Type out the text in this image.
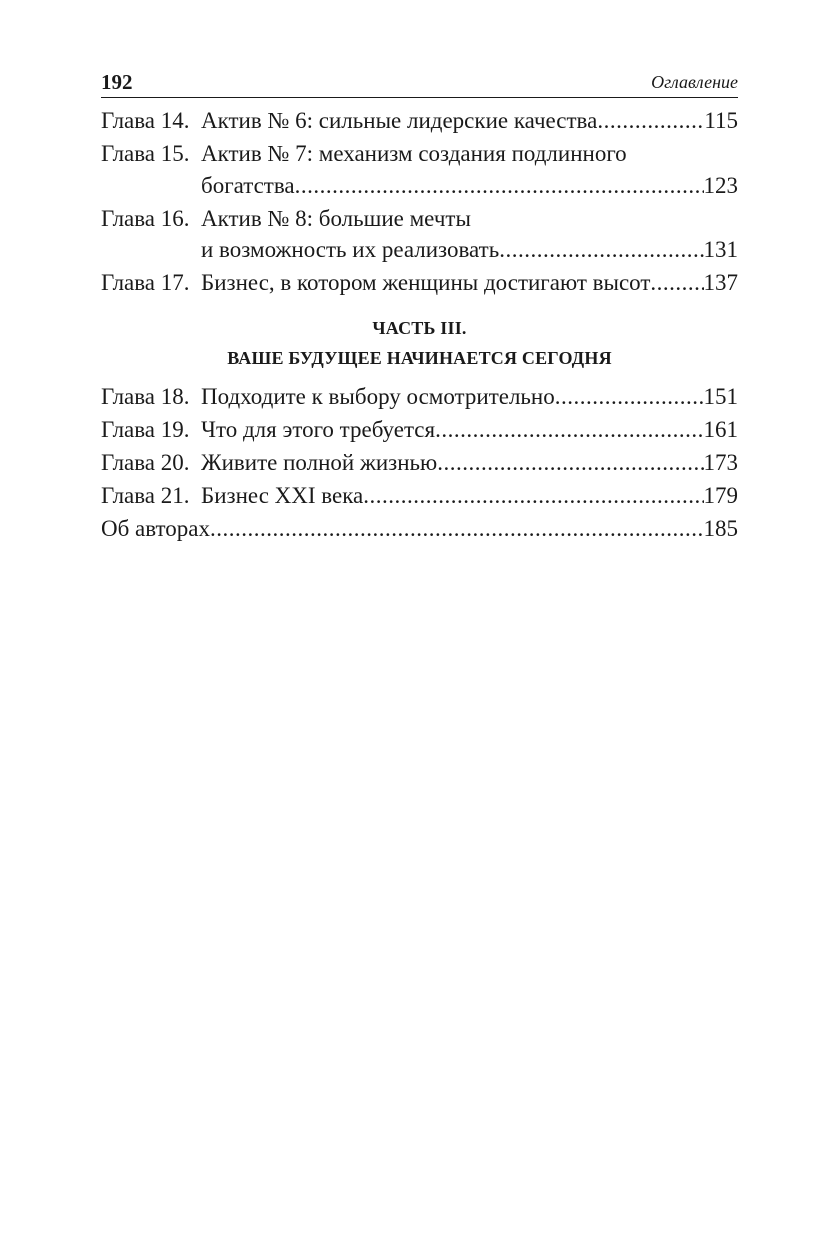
192	Оглавление
Глава 14. Актив № 6: сильные лидерские качества .....	115
Глава 15. Актив № 7: механизм создания подлинного
богатства .....	123
Глава 16. Актив № 8: большие мечты
и возможность их реализовать .....	131
Глава 17. Бизнес, в котором женщины достигают высот ..... 137
ЧАСТЬ III.
ВАШЕ БУДУЩЕЕ НАЧИНАЕТСЯ СЕГОДНЯ
Глава 18. Подходите к выбору осмотрительно .....	151
Глава 19. Что для этого требуется .....	161
Глава 20. Живите полной жизнью .....	173
Глава 21. Бизнес XXI века .....	179
Об авторах .....	185
